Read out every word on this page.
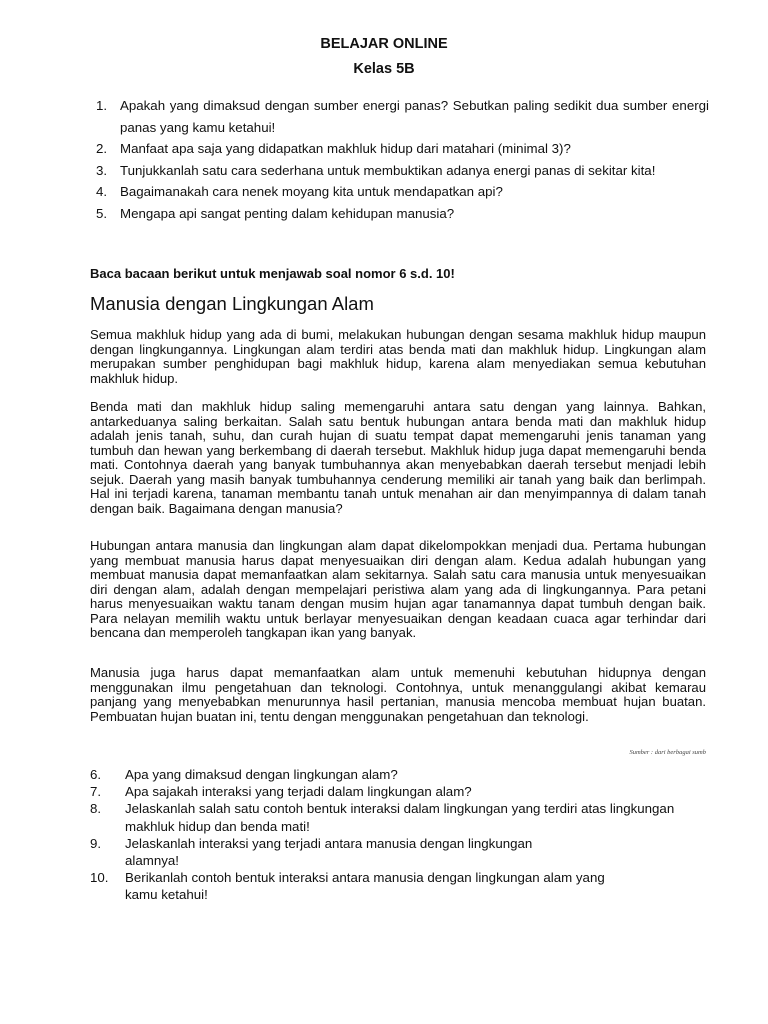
BELAJAR ONLINE
Kelas 5B
1. Apakah yang dimaksud dengan sumber energi panas? Sebutkan paling sedikit dua sumber energi panas yang kamu ketahui!
2. Manfaat apa saja yang didapatkan makhluk hidup dari matahari (minimal 3)?
3. Tunjukkanlah satu cara sederhana untuk membuktikan adanya energi panas di sekitar kita!
4. Bagaimanakah cara nenek moyang kita untuk mendapatkan api?
5. Mengapa api sangat penting dalam kehidupan manusia?
Baca bacaan berikut untuk menjawab soal nomor 6 s.d. 10!
Manusia dengan Lingkungan Alam

Semua makhluk hidup yang ada di bumi, melakukan hubungan dengan sesama makhluk hidup maupun dengan lingkungannya. Lingkungan alam terdiri atas benda mati dan makhluk hidup. Lingkungan alam merupakan sumber penghidupan bagi makhluk hidup, karena alam menyediakan semua kebutuhan makhluk hidup.

Benda mati dan makhluk hidup saling memengaruhi antara satu dengan yang lainnya. Bahkan, antarkeduanya saling berkaitan. Salah satu bentuk hubungan antara benda mati dan makhluk hidup adalah jenis tanah, suhu, dan curah hujan di suatu tempat dapat memengaruhi jenis tanaman yang tumbuh dan hewan yang berkembang di daerah tersebut. Makhluk hidup juga dapat memengaruhi benda mati. Contohnya daerah yang banyak tumbuhannya akan menyebabkan daerah tersebut menjadi lebih sejuk. Daerah yang masih banyak tumbuhannya cenderung memiliki air tanah yang baik dan berlimpah. Hal ini terjadi karena, tanaman membantu tanah untuk menahan air dan menyimpannya di dalam tanah dengan baik. Bagaimana dengan manusia?

Hubungan antara manusia dan lingkungan alam dapat dikelompokkan menjadi dua. Pertama hubungan yang membuat manusia harus dapat menyesuaikan diri dengan alam. Kedua adalah hubungan yang membuat manusia dapat memanfaatkan alam sekitarnya. Salah satu cara manusia untuk menyesuaikan diri dengan alam, adalah dengan mempelajari peristiwa alam yang ada di lingkungannya. Para petani harus menyesuaikan waktu tanam dengan musim hujan agar tanamannya dapat tumbuh dengan baik. Para nelayan memilih waktu untuk berlayar menyesuaikan dengan keadaan cuaca agar terhindar dari bencana dan memperoleh tangkapan ikan yang banyak.

Manusia juga harus dapat memanfaatkan alam untuk memenuhi kebutuhan hidupnya dengan menggunakan ilmu pengetahuan dan teknologi. Contohnya, untuk menanggulangi akibat kemarau panjang yang menyebabkan menurunnya hasil pertanian, manusia mencoba membuat hujan buatan. Pembuatan hujan buatan ini, tentu dengan menggunakan pengetahuan dan teknologi.

Sumber : dari berbagai sumb
6. Apa yang dimaksud dengan lingkungan alam?
7. Apa sajakah interaksi yang terjadi dalam lingkungan alam?
8. Jelaskanlah salah satu contoh bentuk interaksi dalam lingkungan yang terdiri atas lingkungan makhluk hidup dan benda mati!
9. Jelaskanlah interaksi yang terjadi antara manusia dengan lingkungan alamnya!
10. Berikanlah contoh bentuk interaksi antara manusia dengan lingkungan alam yang kamu ketahui!
